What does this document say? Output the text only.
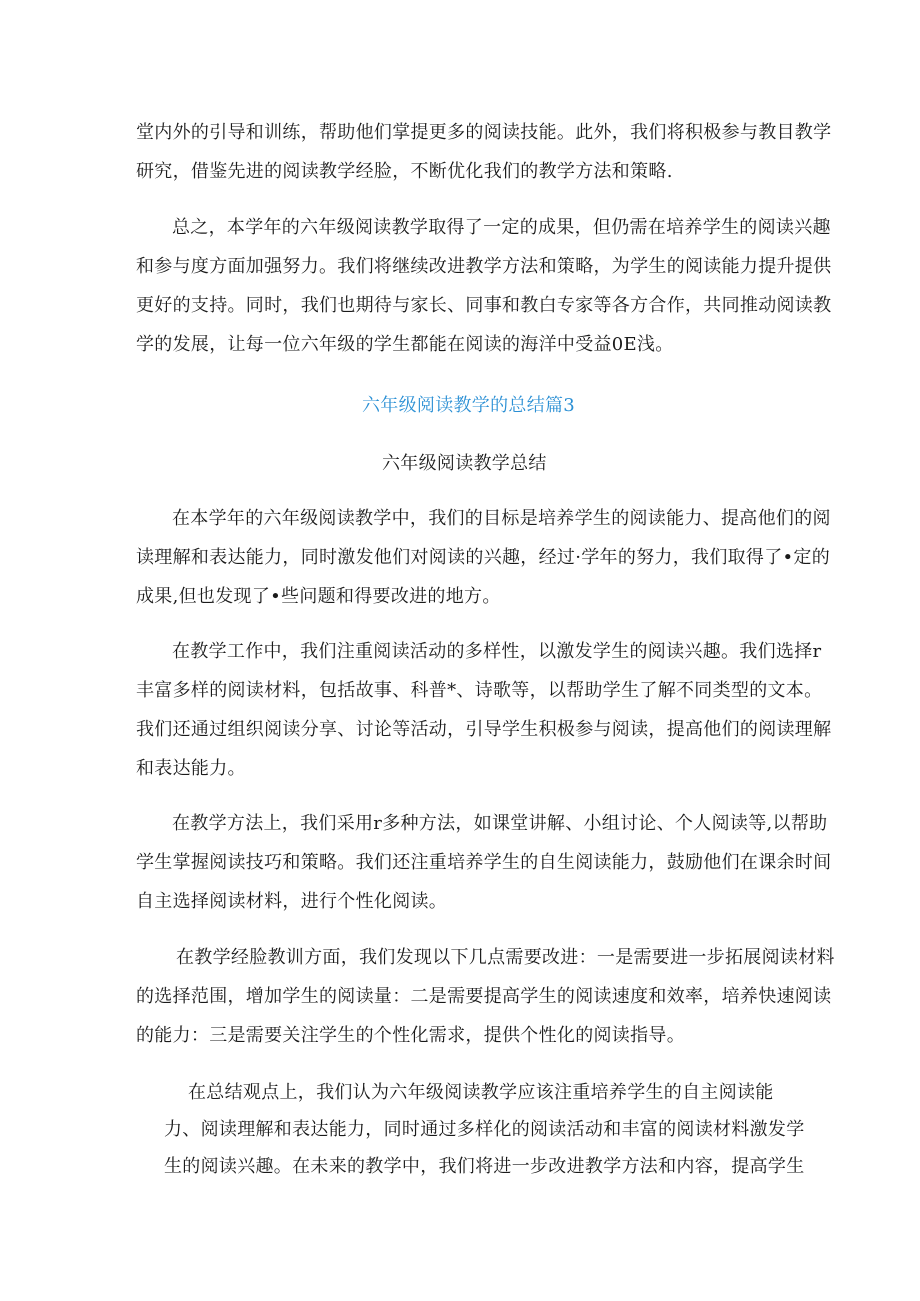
堂内外的引导和训练，帮助他们掌提更多的阅读技能。此外，我们将积极参与教目教学
研究，借鉴先进的阅读教学经脸，不断优化我们的教学方法和策略.
总之，本学年的六年级阅读教学取得了一定的成果，但仍需在培养学生的阅读兴趣
和参与度方面加强努力。我们将继续改进教学方法和策略，为学生的阅读能力提升提供
更好的支持。同时，我们也期待与家长、同事和教白专家等各方合作，共同推动阅读教
学的发展，让每一位六年级的学生都能在阅读的海洋中受益0E浅。
六年级阅读教学的总结篇3
六年级阅读教学总结
在本学年的六年级阅读教学中，我们的目标是培养学生的阅读能力、提高他们的阅
读理解和表达能力，同时激发他们对阅读的兴趣，经过·学年的努力，我们取得了•定的
成果,但也发现了•些问题和得要改进的地方。
在教学工作中，我们注重阅读活动的多样性，以激发学生的阅读兴趣。我们选择r
丰富多样的阅读材料，包括故事、科普*、诗歌等，以帮助学生了解不同类型的文本。
我们还通过组织阅读分享、讨论等活动，引导学生积极参与阅读，提高他们的阅读理解
和表达能力。
在教学方法上，我们采用r多种方法，如课堂讲解、小组讨论、个人阅读等,以帮助
学生掌握阅读技巧和策略。我们还注重培养学生的自生阅读能力，鼓励他们在课余时间
自主选择阅读材料，进行个性化阅读。
在教学经脸教训方面，我们发现以下几点需要改进：一是需要进一步拓展阅读材料
的选择范围，增加学生的阅读量：二是需要提高学生的阅读速度和效率，培养快速阅读
的能力：三是需要关注学生的个性化需求，提供个性化的阅读指导。
在总结观点上，我们认为六年级阅读教学应该注重培养学生的自主阅读能
力、阅读理解和表达能力，同时通过多样化的阅读活动和丰富的阅读材料激发学
生的阅读兴趣。在未来的教学中，我们将进一步改进教学方法和内容，提高学生
